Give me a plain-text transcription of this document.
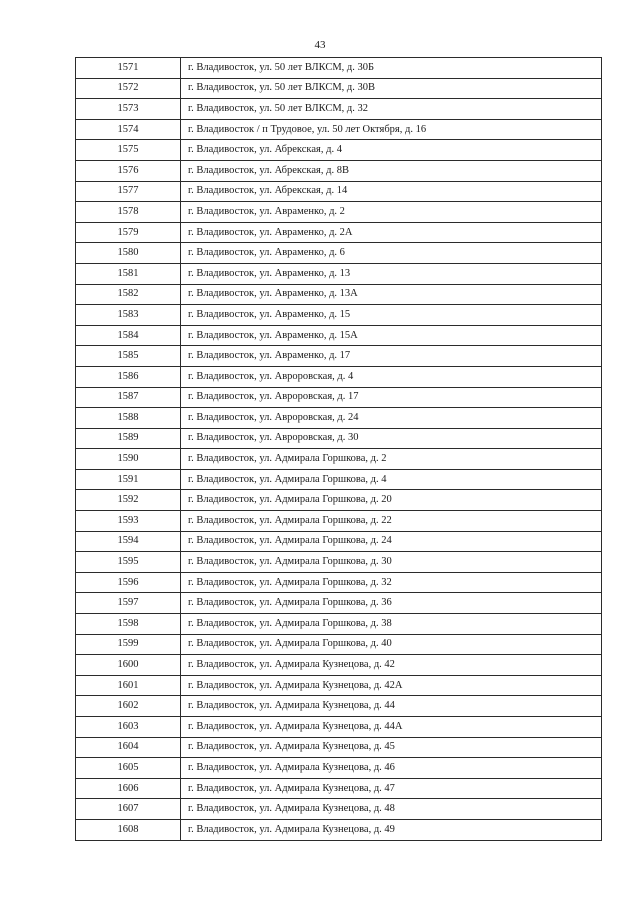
43
1571	г. Владивосток, ул. 50 лет ВЛКСМ, д. 30Б
1572	г. Владивосток, ул. 50 лет ВЛКСМ, д. 30В
1573	г. Владивосток, ул. 50 лет ВЛКСМ, д. 32
1574	г. Владивосток / п Трудовое, ул. 50 лет Октября, д. 16
1575	г. Владивосток, ул. Абрекская, д. 4
1576	г. Владивосток, ул. Абрекская, д. 8В
1577	г. Владивосток, ул. Абрекская, д. 14
1578	г. Владивосток, ул. Авраменко, д. 2
1579	г. Владивосток, ул. Авраменко, д. 2А
1580	г. Владивосток, ул. Авраменко, д. 6
1581	г. Владивосток, ул. Авраменко, д. 13
1582	г. Владивосток, ул. Авраменко, д. 13А
1583	г. Владивосток, ул. Авраменко, д. 15
1584	г. Владивосток, ул. Авраменко, д. 15А
1585	г. Владивосток, ул. Авраменко, д. 17
1586	г. Владивосток, ул. Авроровская, д. 4
1587	г. Владивосток, ул. Авроровская, д. 17
1588	г. Владивосток, ул. Авроровская, д. 24
1589	г. Владивосток, ул. Авроровская, д. 30
1590	г. Владивосток, ул. Адмирала Горшкова, д. 2
1591	г. Владивосток, ул. Адмирала Горшкова, д. 4
1592	г. Владивосток, ул. Адмирала Горшкова, д. 20
1593	г. Владивосток, ул. Адмирала Горшкова, д. 22
1594	г. Владивосток, ул. Адмирала Горшкова, д. 24
1595	г. Владивосток, ул. Адмирала Горшкова, д. 30
1596	г. Владивосток, ул. Адмирала Горшкова, д. 32
1597	г. Владивосток, ул. Адмирала Горшкова, д. 36
1598	г. Владивосток, ул. Адмирала Горшкова, д. 38
1599	г. Владивосток, ул. Адмирала Горшкова, д. 40
1600	г. Владивосток, ул. Адмирала Кузнецова, д. 42
1601	г. Владивосток, ул. Адмирала Кузнецова, д. 42А
1602	г. Владивосток, ул. Адмирала Кузнецова, д. 44
1603	г. Владивосток, ул. Адмирала Кузнецова, д. 44А
1604	г. Владивосток, ул. Адмирала Кузнецова, д. 45
1605	г. Владивосток, ул. Адмирала Кузнецова, д. 46
1606	г. Владивосток, ул. Адмирала Кузнецова, д. 47
1607	г. Владивосток, ул. Адмирала Кузнецова, д. 48
1608	г. Владивосток, ул. Адмирала Кузнецова, д. 49
